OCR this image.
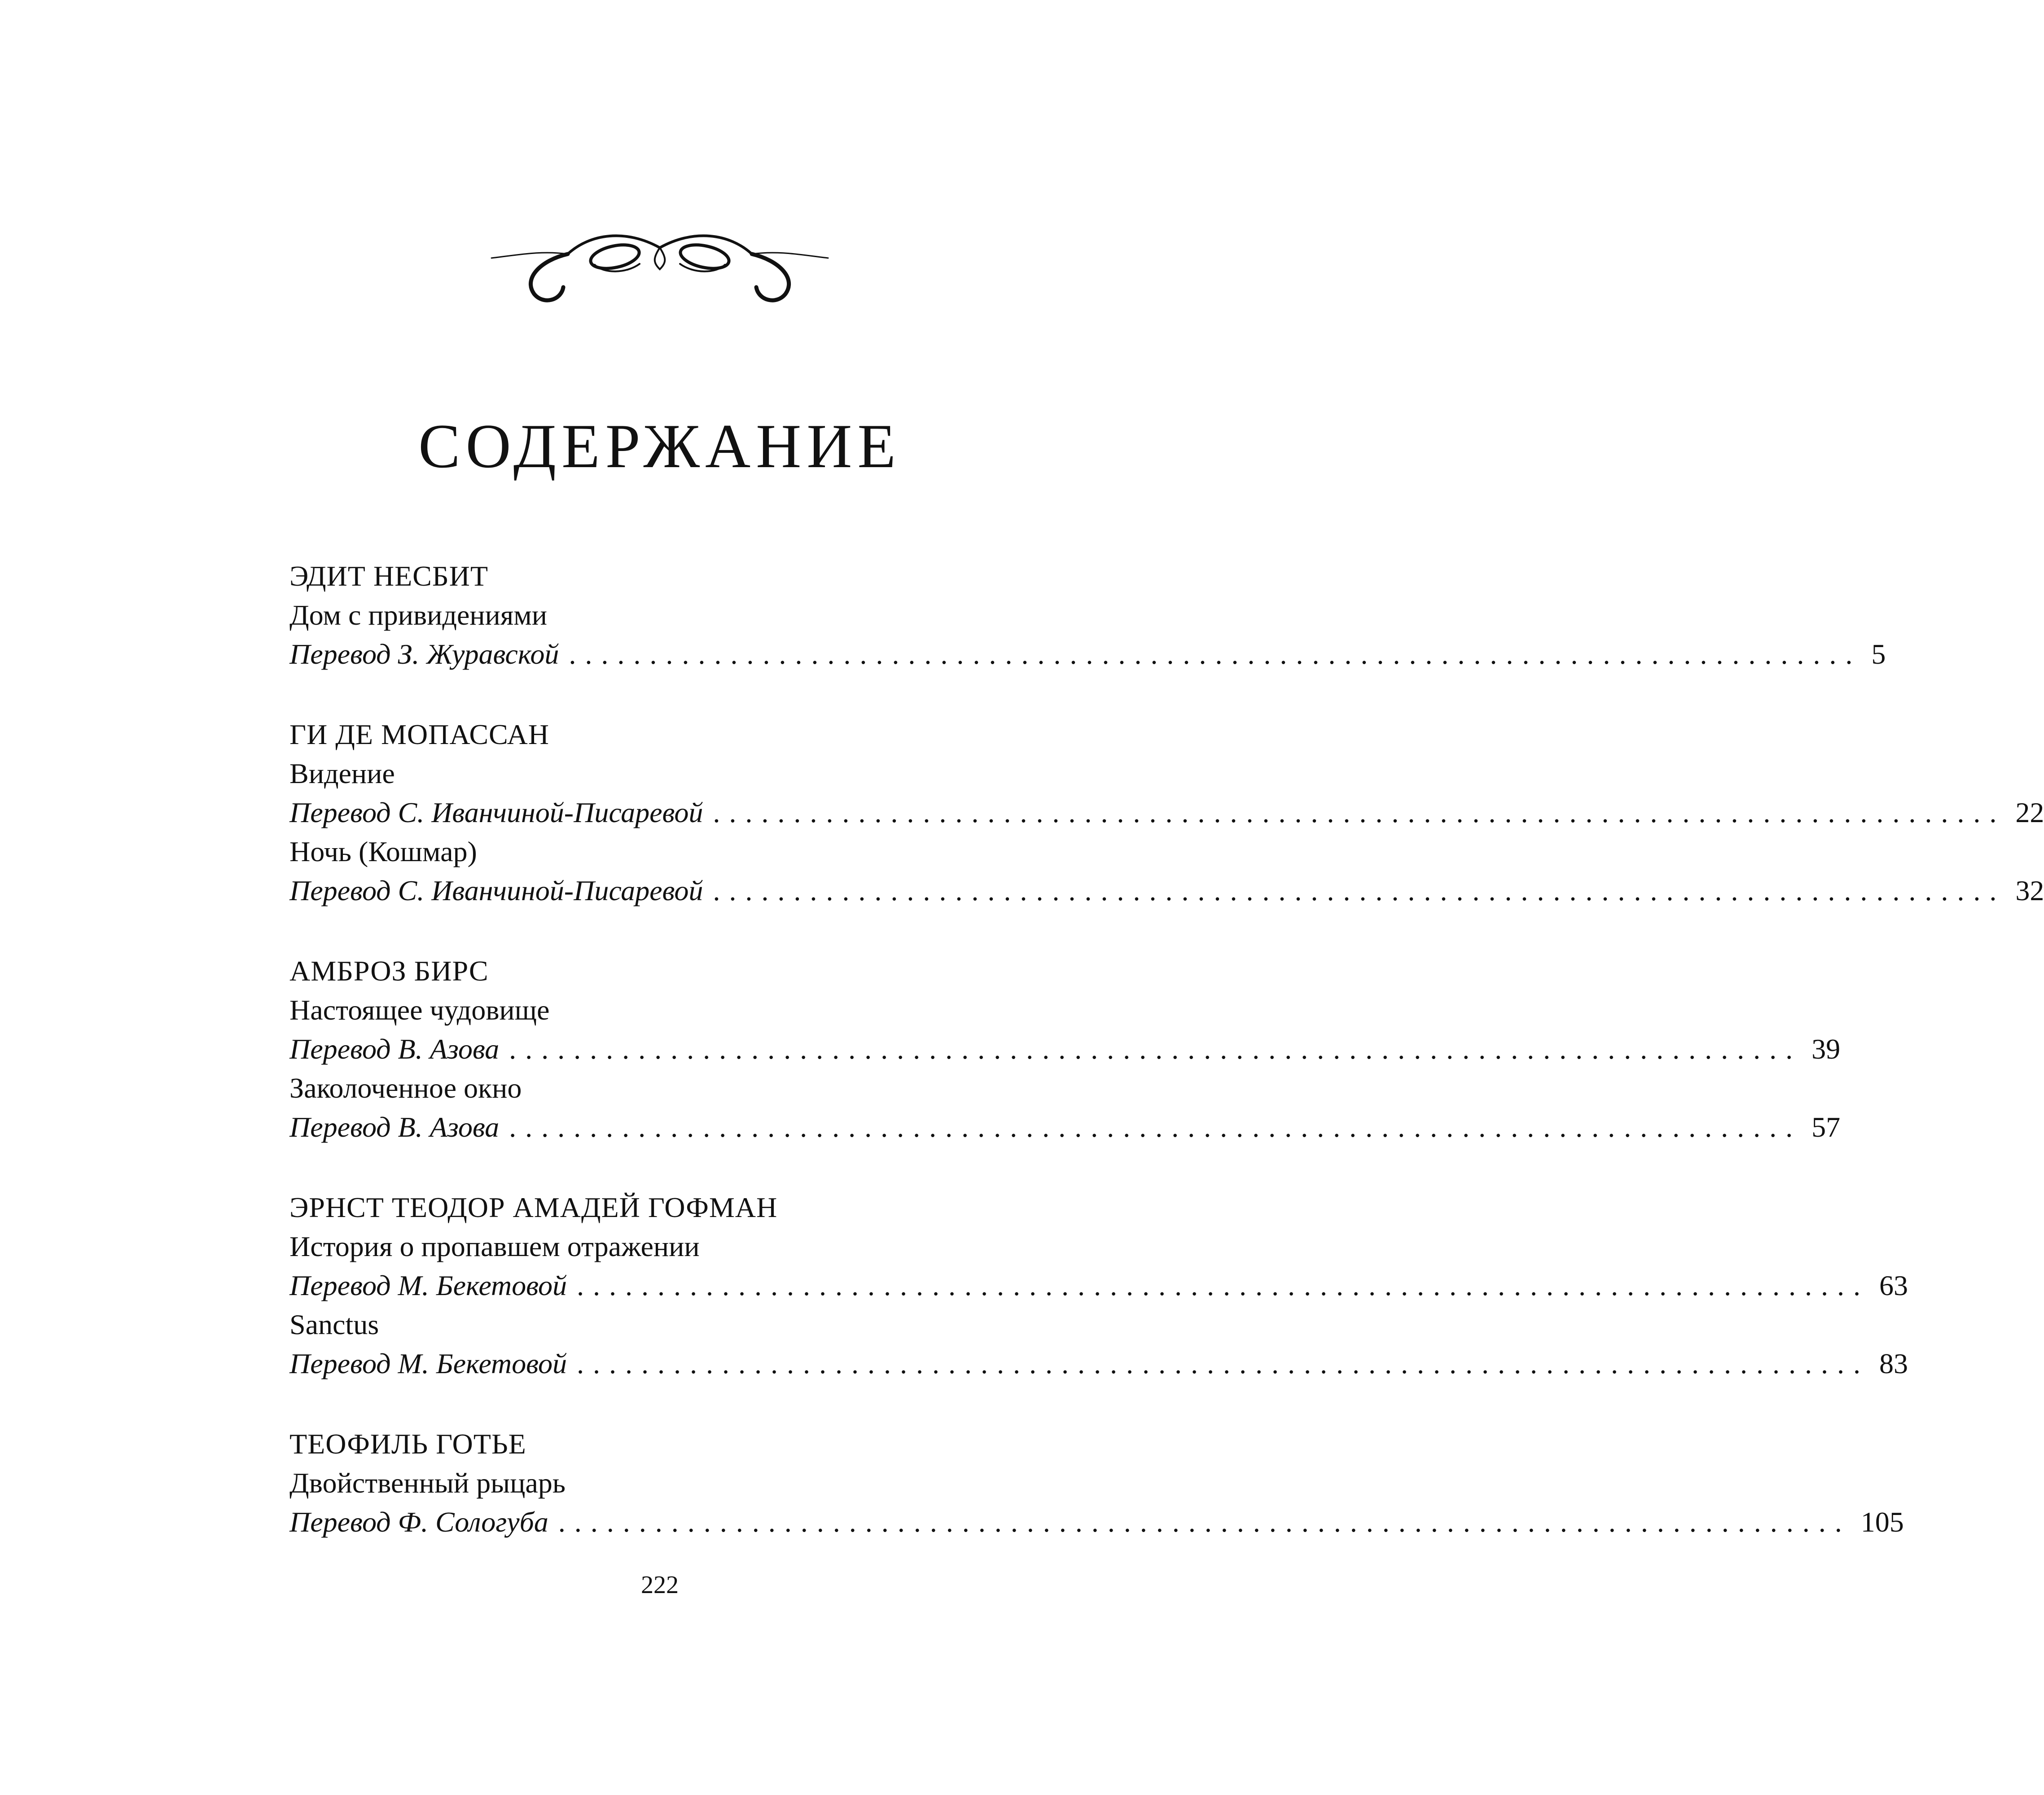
СОДЕРЖАНИЕ
ЭДИТ НЕСБИТ
Дом с привидениями
Перевод З. Журавской ................................................................................ 5
ГИ ДЕ МОПАССАН
Видение
Перевод С. Иванчиной-Писаревой ................................................................................ 22
Ночь (Кошмар)
Перевод С. Иванчиной-Писаревой ................................................................................ 32
АМБРОЗ БИРС
Настоящее чудовище
Перевод В. Азова ................................................................................ 39
Заколоченное окно
Перевод В. Азова ................................................................................ 57
ЭРНСТ ТЕОДОР АМАДЕЙ ГОФМАН
История о пропавшем отражении
Перевод М. Бекетовой ................................................................................ 63
Sanctus
Перевод М. Бекетовой ................................................................................ 83
ТЕОФИЛЬ ГОТЬЕ
Двойственный рыцарь
Перевод Ф. Сологуба ................................................................................ 105
222
